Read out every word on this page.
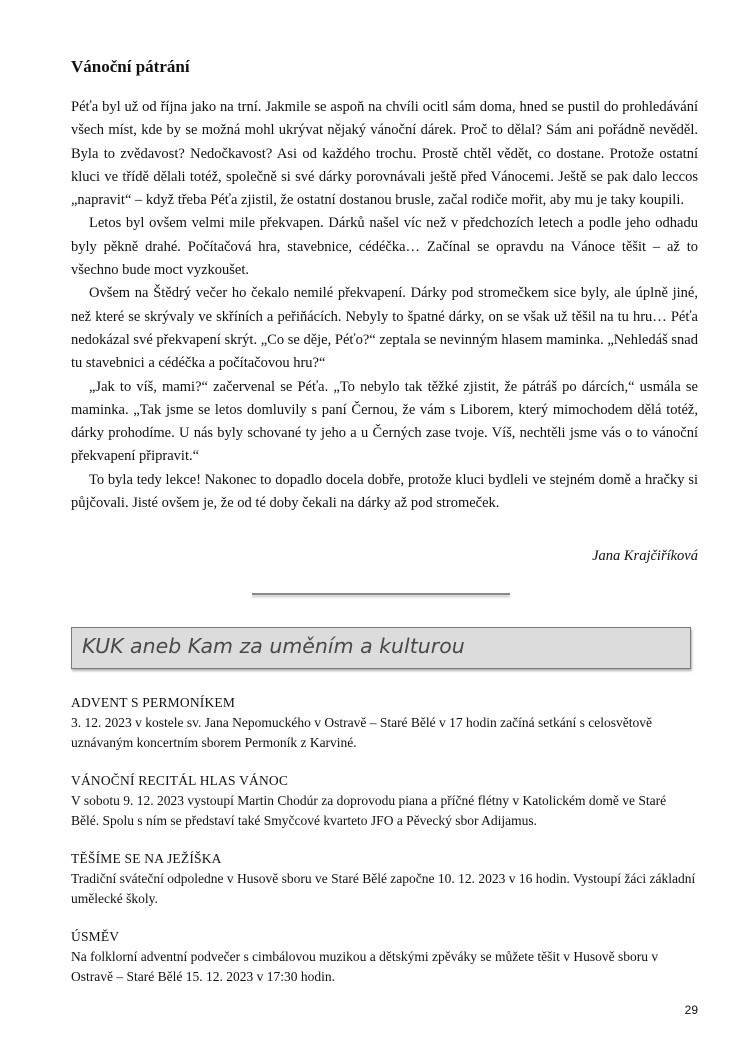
Vánoční pátrání

Péťa byl už od října jako na trní. Jakmile se aspoň na chvíli ocitl sám doma, hned se pustil do prohledávání všech míst, kde by se možná mohl ukrývat nějaký vánoční dárek. Proč to dělal? Sám ani pořádně nevěděl. Byla to zvědavost? Nedočkavost? Asi od každého trochu. Prostě chtěl vědět, co dostane. Protože ostatní kluci ve třídě dělali totéž, společně si své dárky porovnávali ještě před Vánocemi. Ještě se pak dalo leccos „napravit“ – když třeba Péťa zjistil, že ostatní dostanou brusle, začal rodiče mořit, aby mu je taky koupili.

Letos byl ovšem velmi mile překvapen. Dárků našel víc než v předchozích letech a podle jeho odhadu byly pěkně drahé. Počítačová hra, stavebnice, cédéčka… Začínal se opravdu na Vánoce těšit – až to všechno bude moct vyzkoušet.

Ovšem na Štědrý večer ho čekalo nemilé překvapení. Dárky pod stromečkem sice byly, ale úplně jiné, než které se skrývaly ve skříních a peřiňácích. Nebyly to špatné dárky, on se však už těšil na tu hru… Péťa nedokázal své překvapení skrýt. „Co se děje, Péťo?“ zeptala se nevinným hlasem maminka. „Nehledáš snad tu stavebnici a cédéčka a počítačovou hru?“

„Jak to víš, mami?“ začervenal se Péťa. „To nebylo tak těžké zjistit, že pátráš po dárcích,“ usmála se maminka. „Tak jsme se letos domluvily s paní Černou, že vám s Liborem, který mimochodem dělá totéž, dárky prohodíme. U nás byly schované ty jeho a u Černých zase tvoje. Víš, nechtěli jsme vás o to vánoční překvapení připravit.“

To byla tedy lekce! Nakonec to dopadlo docela dobře, protože kluci bydleli ve stejném domě a hračky si půjčovali. Jisté ovšem je, že od té doby čekali na dárky až pod stromeček.

Jana Krajčiříková
KUK aneb Kam za uměním a kulturou
ADVENT S PERMONÍKEM
3. 12. 2023 v kostele sv. Jana Nepomuckého v Ostravě – Staré Bělé v 17 hodin začíná setkání s celosvětově uznávaným koncertním sborem Permoník z Karviné.
VÁNOČNÍ RECITÁL HLAS VÁNOC
V sobotu 9. 12. 2023 vystoupí Martin Chodúr za doprovodu piana a příčné flétny v Katolickém domě ve Staré Bělé. Spolu s ním se představí také Smyčcové kvarteto JFO a Pěvecký sbor Adijamus.
TĚŠÍME SE NA JEŽÍŠKA
Tradiční sváteční odpoledne v Husově sboru ve Staré Bělé započne 10. 12. 2023 v 16 hodin. Vystoupí žáci základní umělecké školy.
ÚSMĚV
Na folklorní adventní podvečer s cimbálovou muzikou a dětskými zpěváky se můžete těšit v Husově sboru v Ostravě – Staré Bělé 15. 12. 2023 v 17:30 hodin.
29
